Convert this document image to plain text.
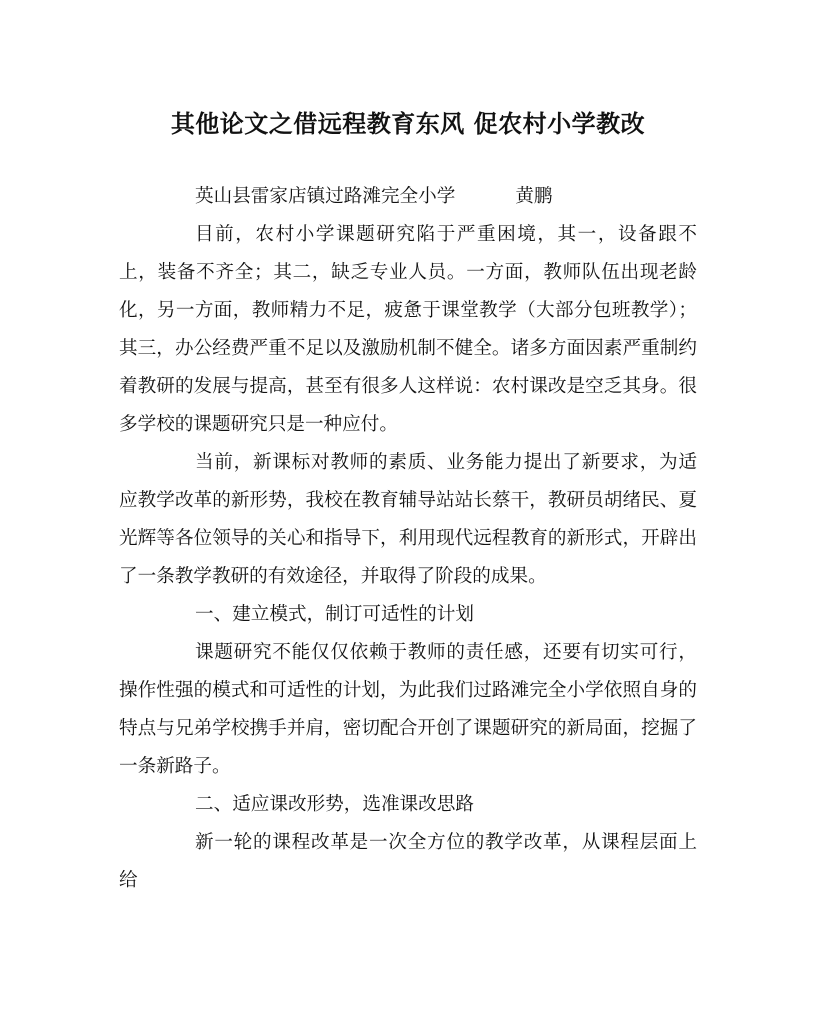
其他论文之借远程教育东风 促农村小学教改
英山县雷家店镇过路滩完全小学	黄鹏

目前，农村小学课题研究陷于严重困境，其一，设备跟不上，装备不齐全；其二，缺乏专业人员。一方面，教师队伍出现老龄化，另一方面，教师精力不足，疲惫于课堂教学（大部分包班教学）；其三，办公经费严重不足以及激励机制不健全。诸多方面因素严重制约着教研的发展与提高，甚至有很多人这样说：农村课改是空乏其身。很多学校的课题研究只是一种应付。

当前，新课标对教师的素质、业务能力提出了新要求，为适应教学改革的新形势，我校在教育辅导站站长蔡干，教研员胡绪民、夏光辉等各位领导的关心和指导下，利用现代远程教育的新形式，开辟出了一条教学教研的有效途径，并取得了阶段的成果。

一、建立模式，制订可适性的计划

课题研究不能仅仅依赖于教师的责任感，还要有切实可行，操作性强的模式和可适性的计划，为此我们过路滩完全小学依照自身的特点与兄弟学校携手并肩，密切配合开创了课题研究的新局面，挖掘了一条新路子。

二、适应课改形势，选准课改思路

新一轮的课程改革是一次全方位的教学改革，从课程层面上给
